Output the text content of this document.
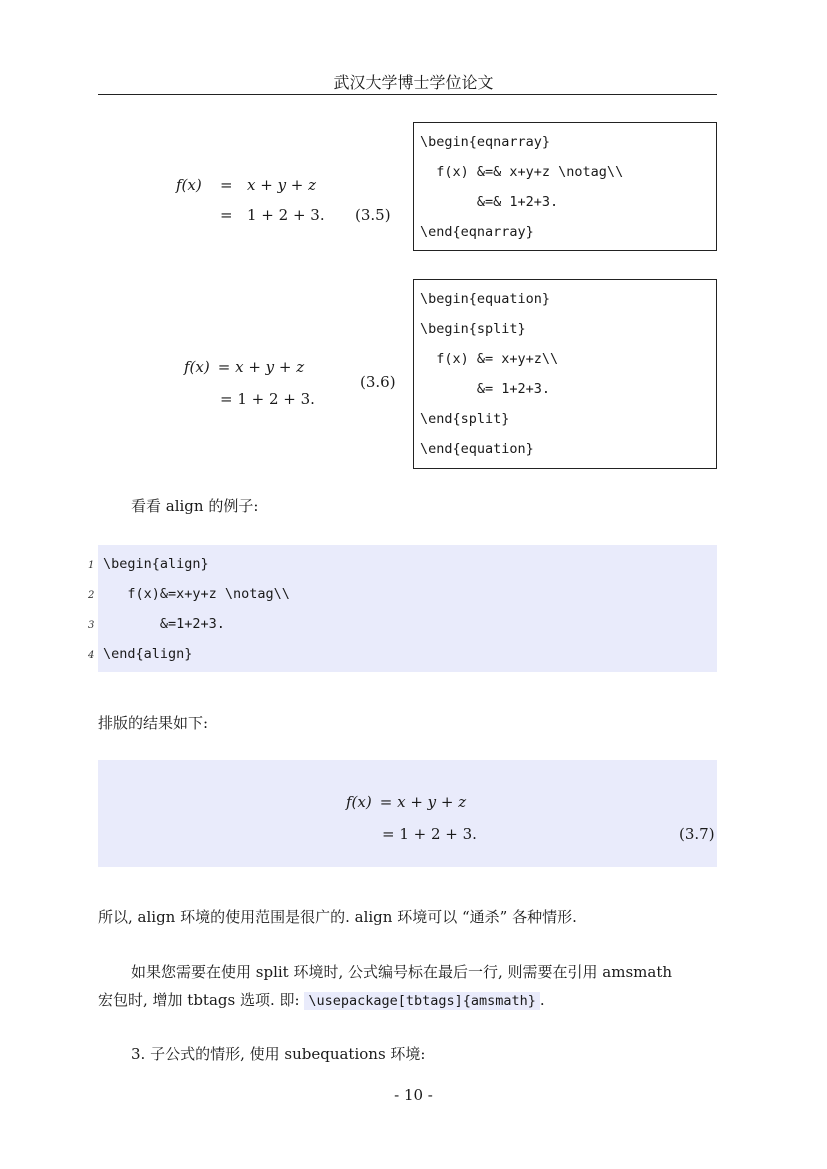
武汉大学博士学位论文
f(x) = x + y + z
= 1 + 2 + 3. (3.5)
\begin{eqnarray}
f(x) &=& x+y+z \notag\\
&=& 1+2+3.
\end{eqnarray}
f(x) = x + y + z
= 1 + 2 + 3.
(3.6)
\begin{equation}
\begin{split}
f(x) &= x+y+z\\
&= 1+2+3.
\end{split}
\end{equation}
看看 align 的例子:
1
2
3
4
\begin{align}
f(x)&=x+y+z \notag\\
&=1+2+3.
\end{align}
排版的结果如下:
f(x) = x + y + z
= 1 + 2 + 3.	(3.7)
所以, align 环境的使用范围是很广的. align 环境可以 “通杀” 各种情形.
如果您需要在使用 split 环境时, 公式编号标在最后一行, 则需要在引用 amsmath
宏包时, 增加 tbtags 选项. 即: \usepackage[tbtags]{amsmath} .
3. 子公式的情形, 使用 subequations 环境:
- 10 -
